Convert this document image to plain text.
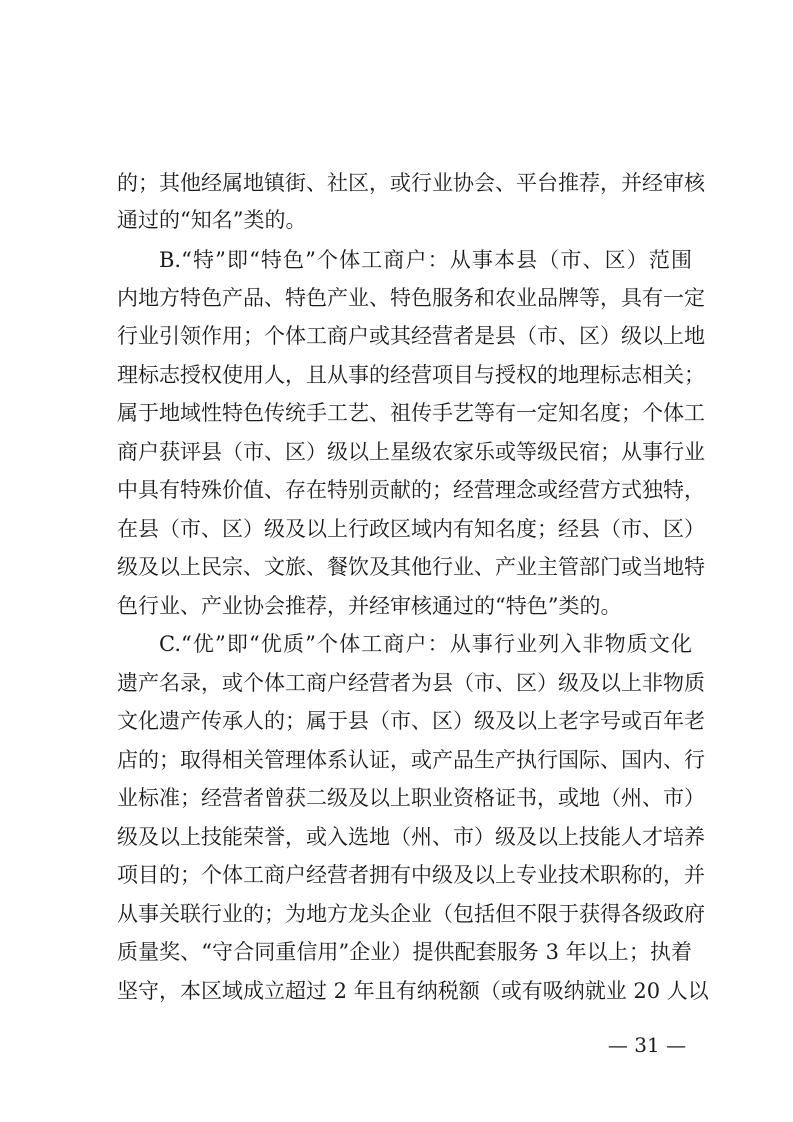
的；其他经属地镇街、社区，或行业协会、平台推荐，并经审核
通过的“知名”类的。
B.“特”即“特色”个体工商户：从事本县（市、区）范围
内地方特色产品、特色产业、特色服务和农业品牌等，具有一定
行业引领作用；个体工商户或其经营者是县（市、区）级以上地
理标志授权使用人，且从事的经营项目与授权的地理标志相关；
属于地域性特色传统手工艺、祖传手艺等有一定知名度；个体工
商户获评县（市、区）级以上星级农家乐或等级民宿；从事行业
中具有特殊价值、存在特别贡献的；经营理念或经营方式独特，
在县（市、区）级及以上行政区域内有知名度；经县（市、区）
级及以上民宗、文旅、餐饮及其他行业、产业主管部门或当地特
色行业、产业协会推荐，并经审核通过的“特色”类的。
C.“优”即“优质”个体工商户：从事行业列入非物质文化
遗产名录，或个体工商户经营者为县（市、区）级及以上非物质
文化遗产传承人的；属于县（市、区）级及以上老字号或百年老
店的；取得相关管理体系认证，或产品生产执行国际、国内、行
业标准；经营者曾获二级及以上职业资格证书，或地（州、市）
级及以上技能荣誉，或入选地（州、市）级及以上技能人才培养
项目的；个体工商户经营者拥有中级及以上专业技术职称的，并
从事关联行业的；为地方龙头企业（包括但不限于获得各级政府
质量奖、“守合同重信用”企业）提供配套服务 3 年以上；执着
坚守，本区域成立超过 2 年且有纳税额（或有吸纳就业 20 人以
— 31 —
